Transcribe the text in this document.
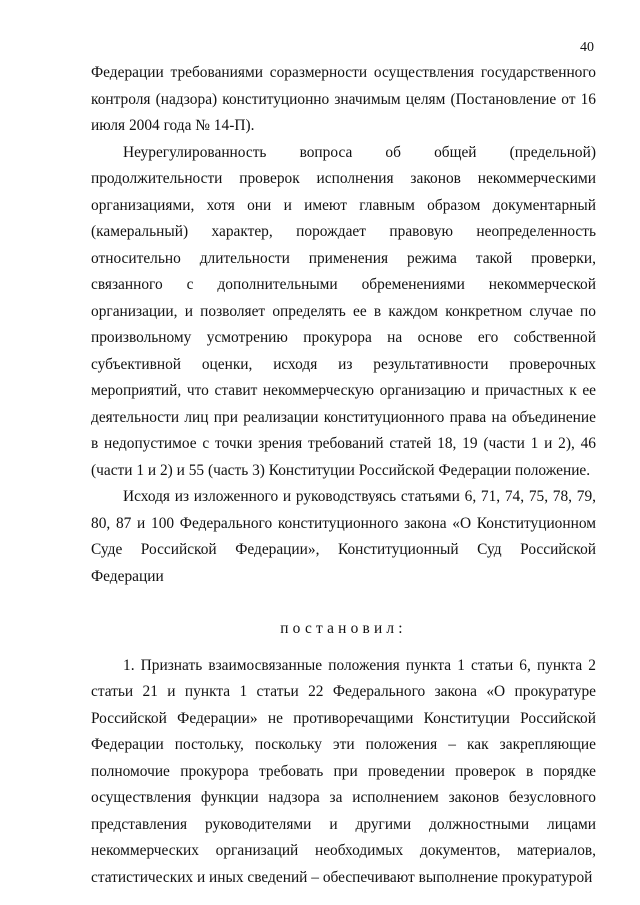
40

Федерации требованиями соразмерности осуществления государственного контроля (надзора) конституционно значимым целям (Постановление от 16 июля 2004 года № 14-П).

Неурегулированность вопроса об общей (предельной) продолжительности проверок исполнения законов некоммерческими организациями, хотя они и имеют главным образом документарный (камеральный) характер, порождает правовую неопределенность относительно длительности применения режима такой проверки, связанного с дополнительными обременениями некоммерческой организации, и позволяет определять ее в каждом конкретном случае по произвольному усмотрению прокурора на основе его собственной субъективной оценки, исходя из результативности проверочных мероприятий, что ставит некоммерческую организацию и причастных к ее деятельности лиц при реализации конституционного права на объединение в недопустимое с точки зрения требований статей 18, 19 (части 1 и 2), 46 (части 1 и 2) и 55 (часть 3) Конституции Российской Федерации положение.

Исходя из изложенного и руководствуясь статьями 6, 71, 74, 75, 78, 79, 80, 87 и 100 Федерального конституционного закона «О Конституционном Суде Российской Федерации», Конституционный Суд Российской Федерации

постановил:

1. Признать взаимосвязанные положения пункта 1 статьи 6, пункта 2 статьи 21 и пункта 1 статьи 22 Федерального закона «О прокуратуре Российской Федерации» не противоречащими Конституции Российской Федерации постольку, поскольку эти положения – как закрепляющие полномочие прокурора требовать при проведении проверок в порядке осуществления функции надзора за исполнением законов безусловного представления руководителями и другими должностными лицами некоммерческих организаций необходимых документов, материалов, статистических и иных сведений – обеспечивают выполнение прокуратурой
